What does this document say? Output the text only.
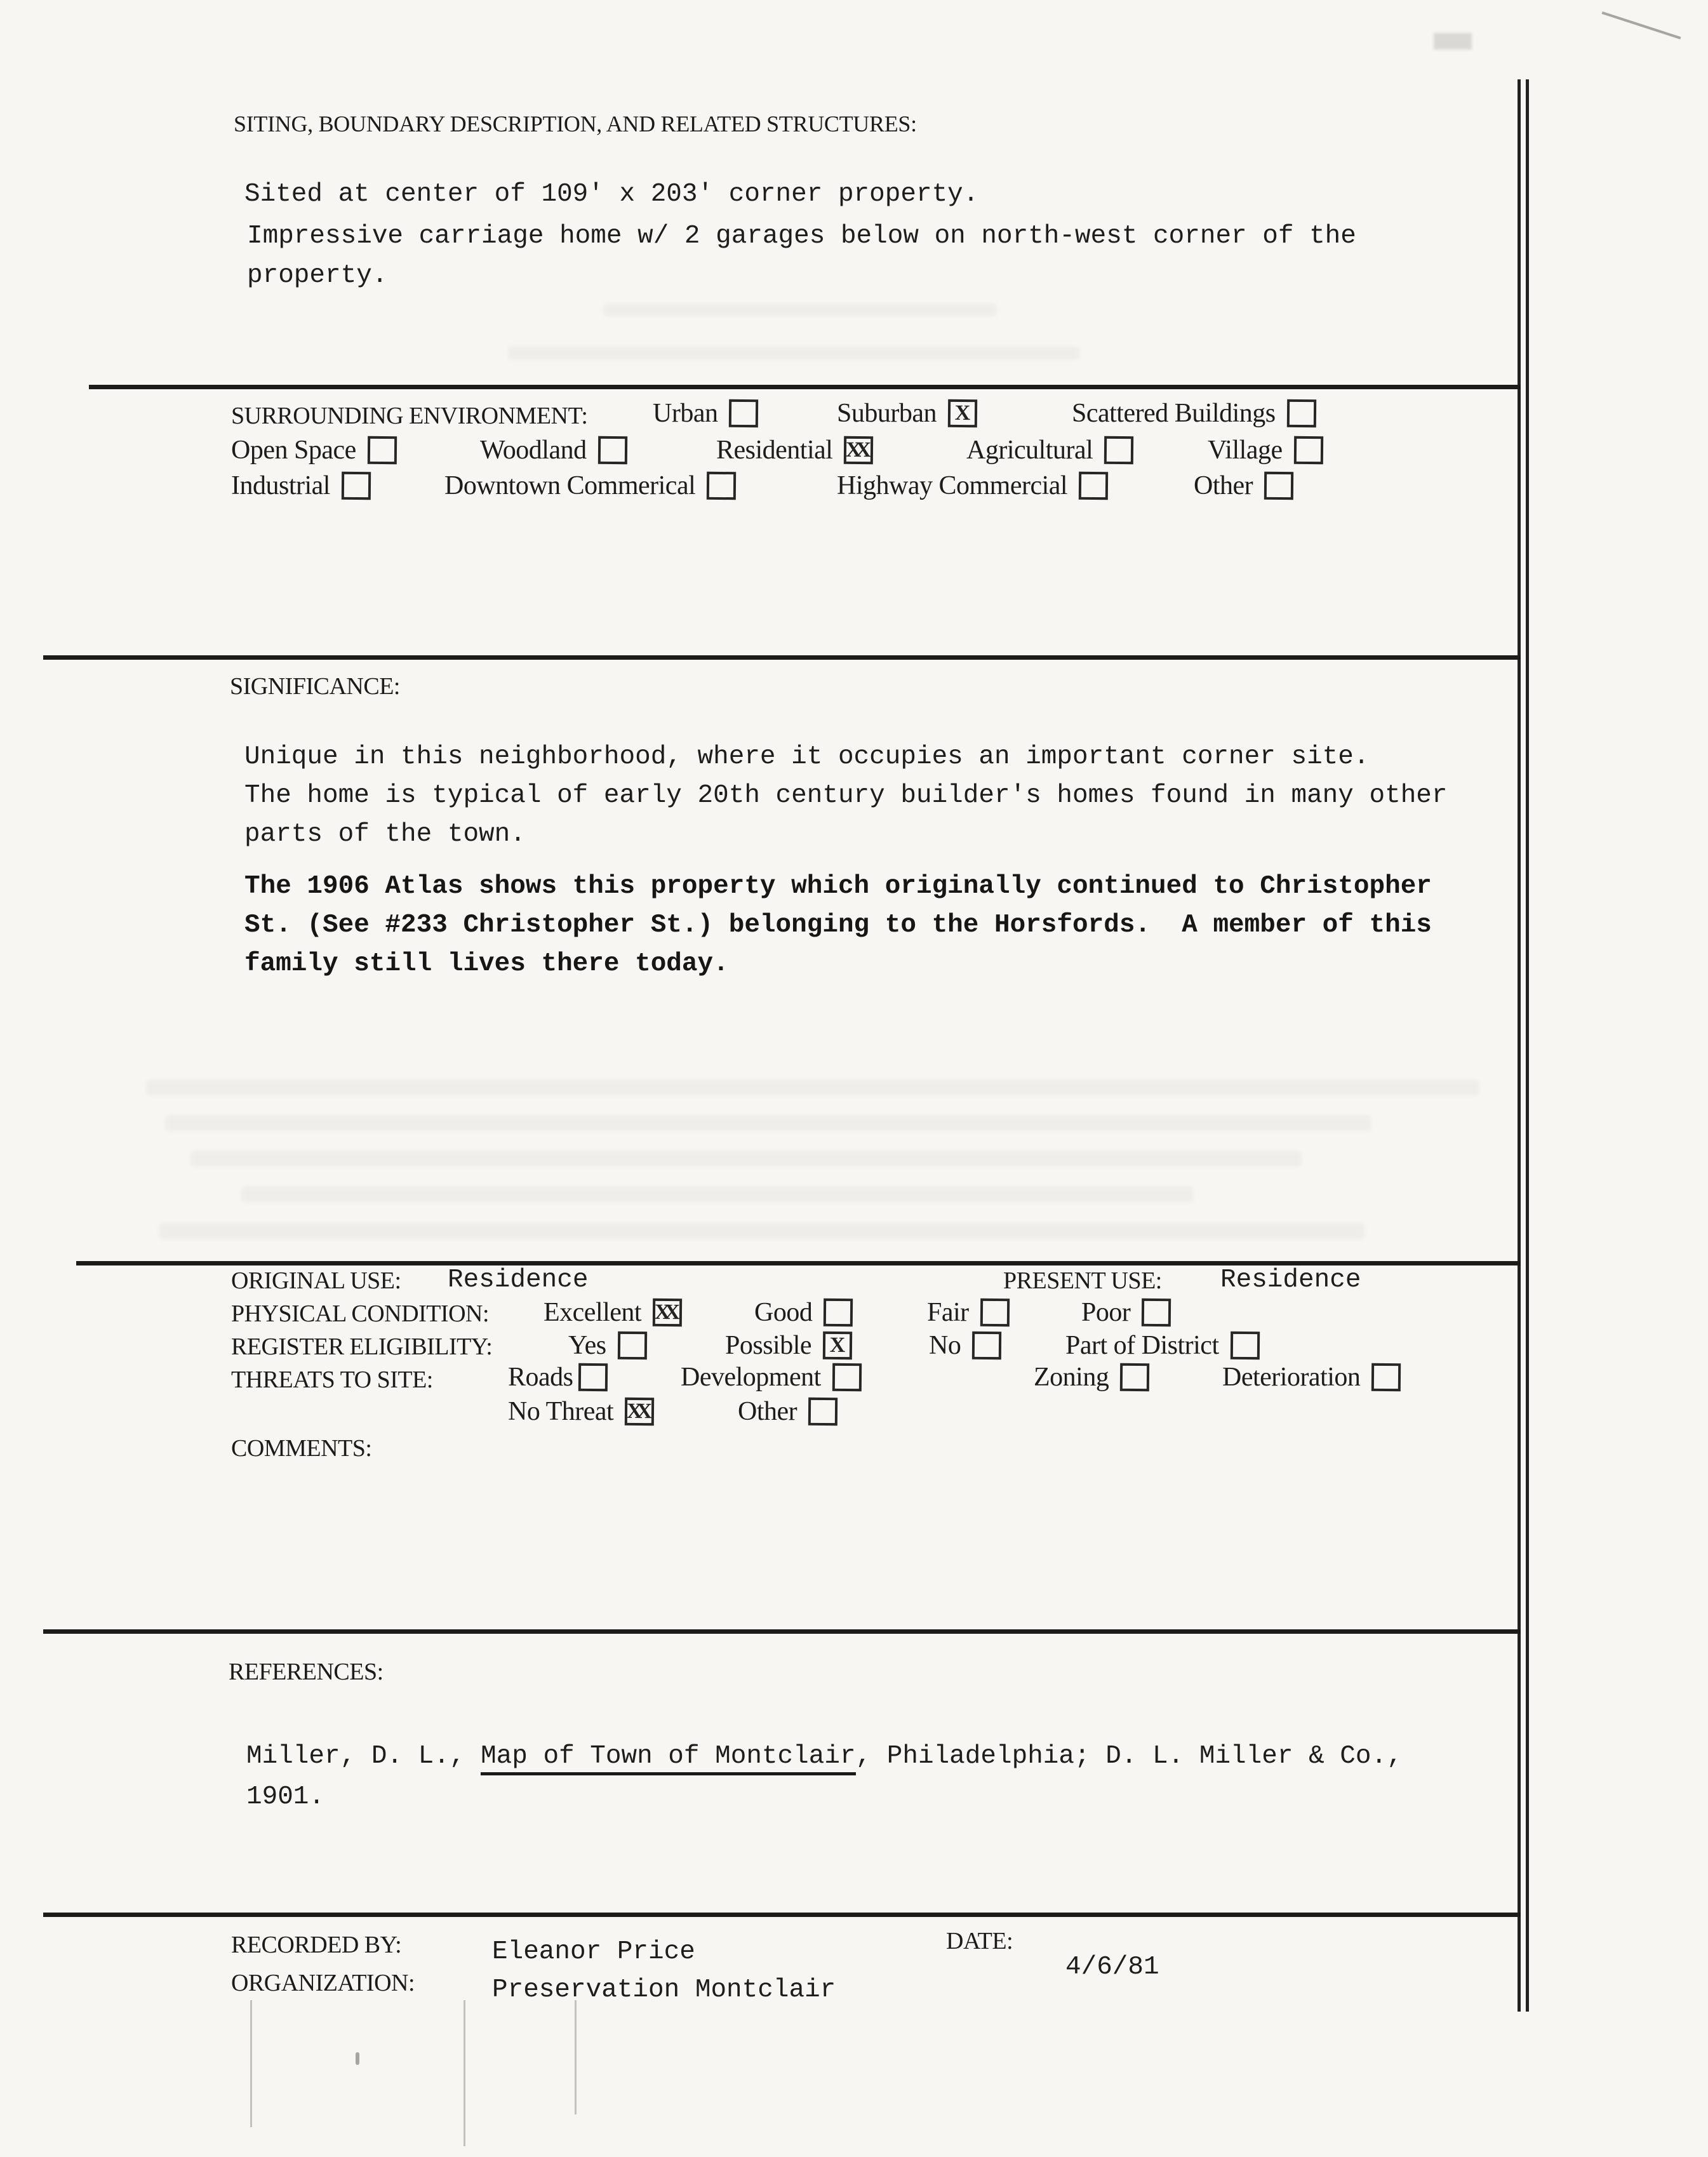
SITING, BOUNDARY DESCRIPTION, AND RELATED STRUCTURES:
Sited at center of 109' x 203' corner property.
Impressive carriage home w/ 2 garages below on north-west corner of the
property.
SURROUNDING ENVIRONMENT: Urban	Suburban X	Scattered Buildings
Open Space	Woodland	Residential XX	Agricultural	Village
Industrial	Downtown Commerical	Highway Commercial	Other
SIGNIFICANCE:
Unique in this neighborhood, where it occupies an important corner site.
The home is typical of early 20th century builder's homes found in many other
parts of the town.
The 1906 Atlas shows this property which originally continued to Christopher
St. (See #233 Christopher St.) belonging to the Horsfords.  A member of this
family still lives there today.
ORIGINAL USE: Residence	PRESENT USE: Residence
PHYSICAL CONDITION: Excellent XX	Good	Fair	Poor
REGISTER ELIGIBILITY:	Yes	Possible X	No	Part of District
THREATS TO SITE:	Roads	Development	Zoning	Deterioration
No Threat XX	Other
COMMENTS:
REFERENCES:
Miller, D. L., Map of Town of Montclair, Philadelphia; D. L. Miller & Co.,
1901.
RECORDED BY:	Eleanor Price
ORGANIZATION:	Preservation Montclair
DATE:
4/6/81
